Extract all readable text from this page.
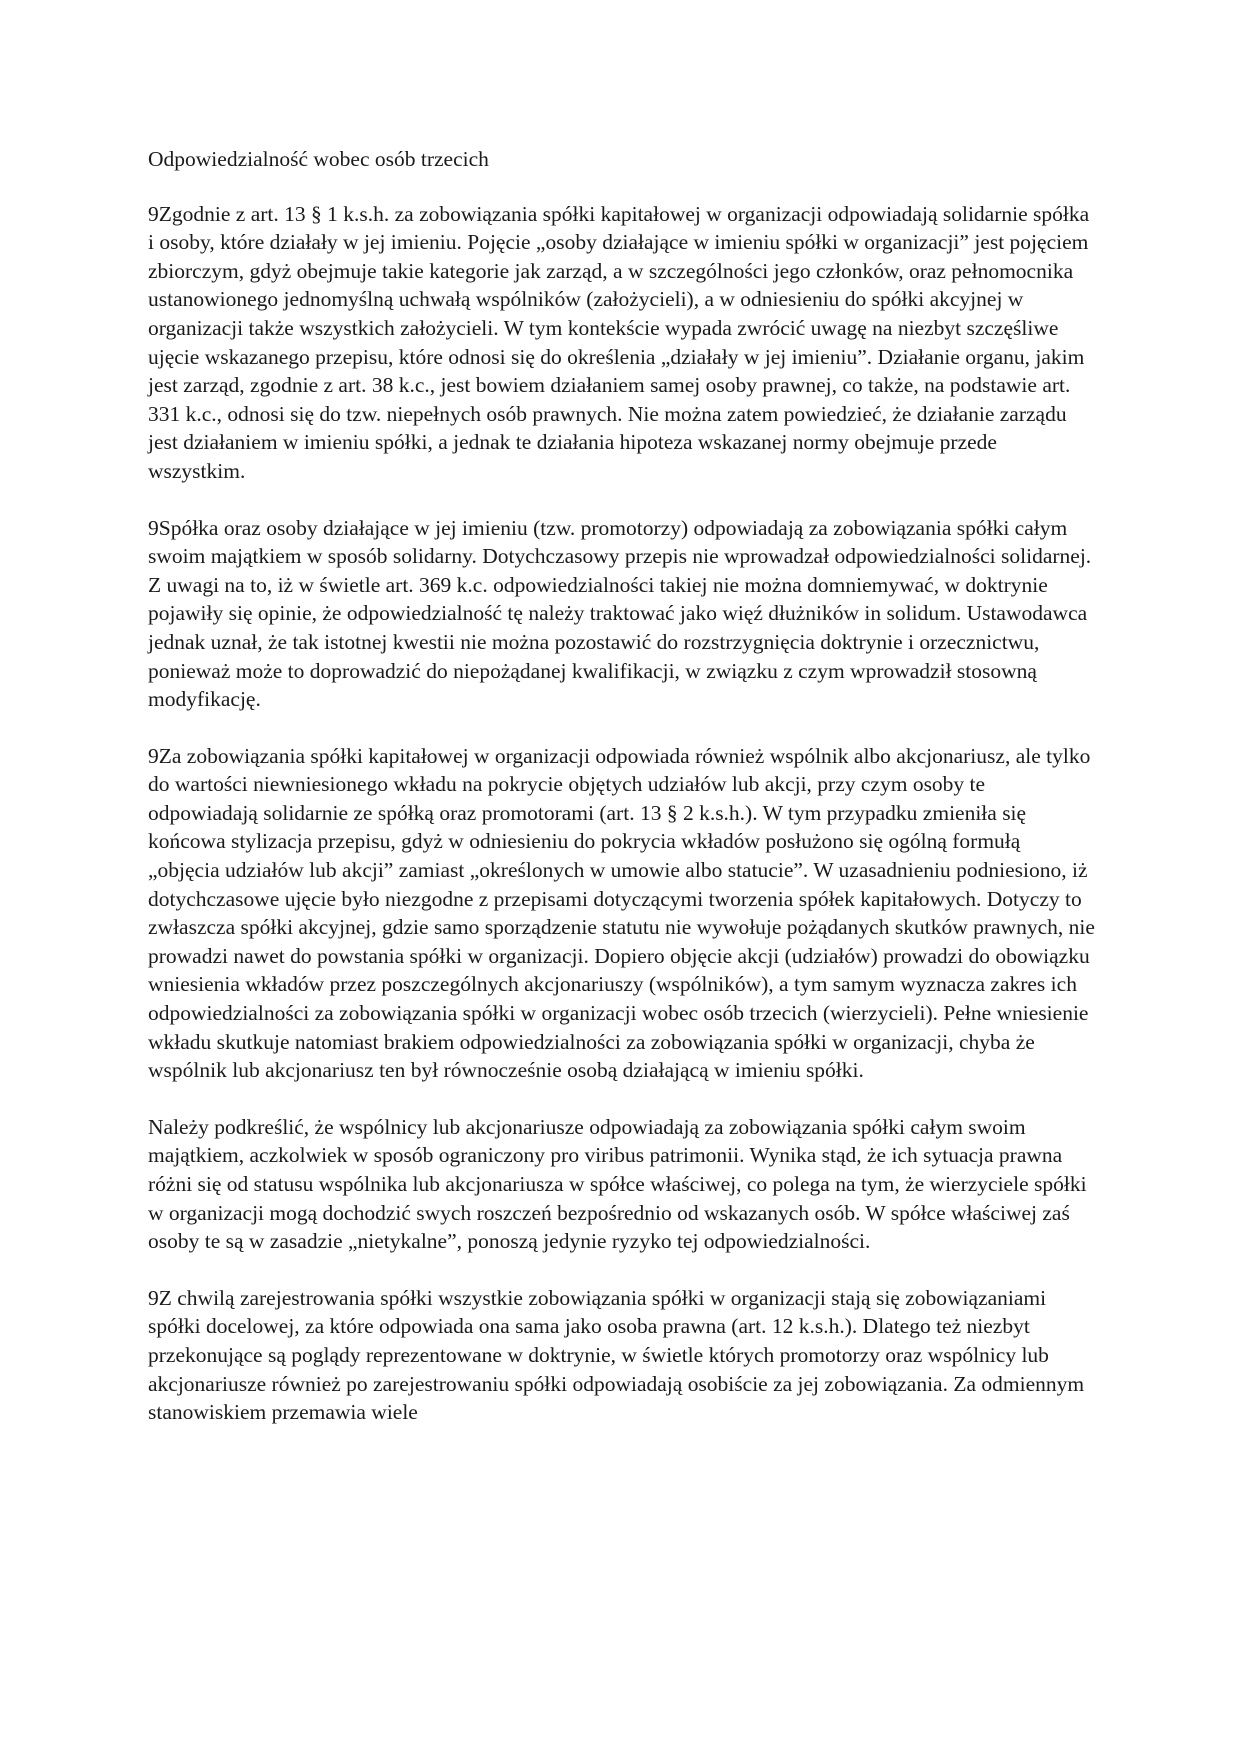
Odpowiedzialność wobec osób trzecich

9Zgodnie z art. 13 § 1 k.s.h. za zobowiązania spółki kapitałowej w organizacji odpowiadają solidarnie spółka i osoby, które działały w jej imieniu. Pojęcie „osoby działające w imieniu spółki w organizacji” jest pojęciem zbiorczym, gdyż obejmuje takie kategorie jak zarząd, a w szczególności jego członków, oraz pełnomocnika ustanowionego jednomyślną uchwałą wspólników (założycieli), a w odniesieniu do spółki akcyjnej w organizacji także wszystkich założycieli. W tym kontekście wypada zwrócić uwagę na niezbyt szczęśliwe ujęcie wskazanego przepisu, które odnosi się do określenia „działały w jej imieniu”. Działanie organu, jakim jest zarząd, zgodnie z art. 38 k.c., jest bowiem działaniem samej osoby prawnej, co także, na podstawie art. 331 k.c., odnosi się do tzw. niepełnych osób prawnych. Nie można zatem powiedzieć, że działanie zarządu jest działaniem w imieniu spółki, a jednak te działania hipoteza wskazanej normy obejmuje przede wszystkim.

9Spółka oraz osoby działające w jej imieniu (tzw. promotorzy) odpowiadają za zobowiązania spółki całym swoim majątkiem w sposób solidarny. Dotychczasowy przepis nie wprowadzał odpowiedzialności solidarnej. Z uwagi na to, iż w świetle art. 369 k.c. odpowiedzialności takiej nie można domniemywać, w doktrynie pojawiły się opinie, że odpowiedzialność tę należy traktować jako więź dłużników in solidum. Ustawodawca jednak uznał, że tak istotnej kwestii nie można pozostawić do rozstrzygnięcia doktrynie i orzecznictwu, ponieważ może to doprowadzić do niepożądanej kwalifikacji, w związku z czym wprowadził stosowną modyfikację.

9Za zobowiązania spółki kapitałowej w organizacji odpowiada również wspólnik albo akcjonariusz, ale tylko do wartości niewniesionego wkładu na pokrycie objętych udziałów lub akcji, przy czym osoby te odpowiadają solidarnie ze spółką oraz promotorami (art. 13 § 2 k.s.h.). W tym przypadku zmieniła się końcowa stylizacja przepisu, gdyż w odniesieniu do pokrycia wkładów posłużono się ogólną formułą „objęcia udziałów lub akcji” zamiast „określonych w umowie albo statucie”. W uzasadnieniu podniesiono, iż dotychczasowe ujęcie było niezgodne z przepisami dotyczącymi tworzenia spółek kapitałowych. Dotyczy to zwłaszcza spółki akcyjnej, gdzie samo sporządzenie statutu nie wywołuje pożądanych skutków prawnych, nie prowadzi nawet do powstania spółki w organizacji. Dopiero objęcie akcji (udziałów) prowadzi do obowiązku wniesienia wkładów przez poszczególnych akcjonariuszy (wspólników), a tym samym wyznacza zakres ich odpowiedzialności za zobowiązania spółki w organizacji wobec osób trzecich (wierzycieli). Pełne wniesienie wkładu skutkuje natomiast brakiem odpowiedzialności za zobowiązania spółki w organizacji, chyba że wspólnik lub akcjonariusz ten był równocześnie osobą działającą w imieniu spółki.

Należy podkreślić, że wspólnicy lub akcjonariusze odpowiadają za zobowiązania spółki całym swoim majątkiem, aczkolwiek w sposób ograniczony pro viribus patrimonii. Wynika stąd, że ich sytuacja prawna różni się od statusu wspólnika lub akcjonariusza w spółce właściwej, co polega na tym, że wierzyciele spółki w organizacji mogą dochodzić swych roszczeń bezpośrednio od wskazanych osób. W spółce właściwej zaś osoby te są w zasadzie „nietykalne”, ponoszą jedynie ryzyko tej odpowiedzialności.

9Z chwilą zarejestrowania spółki wszystkie zobowiązania spółki w organizacji stają się zobowiązaniami spółki docelowej, za które odpowiada ona sama jako osoba prawna (art. 12 k.s.h.). Dlatego też niezbyt przekonujące są poglądy reprezentowane w doktrynie, w świetle których promotorzy oraz wspólnicy lub akcjonariusze również po zarejestrowaniu spółki odpowiadają osobiście za jej zobowiązania. Za odmiennym stanowiskiem przemawia wiele
